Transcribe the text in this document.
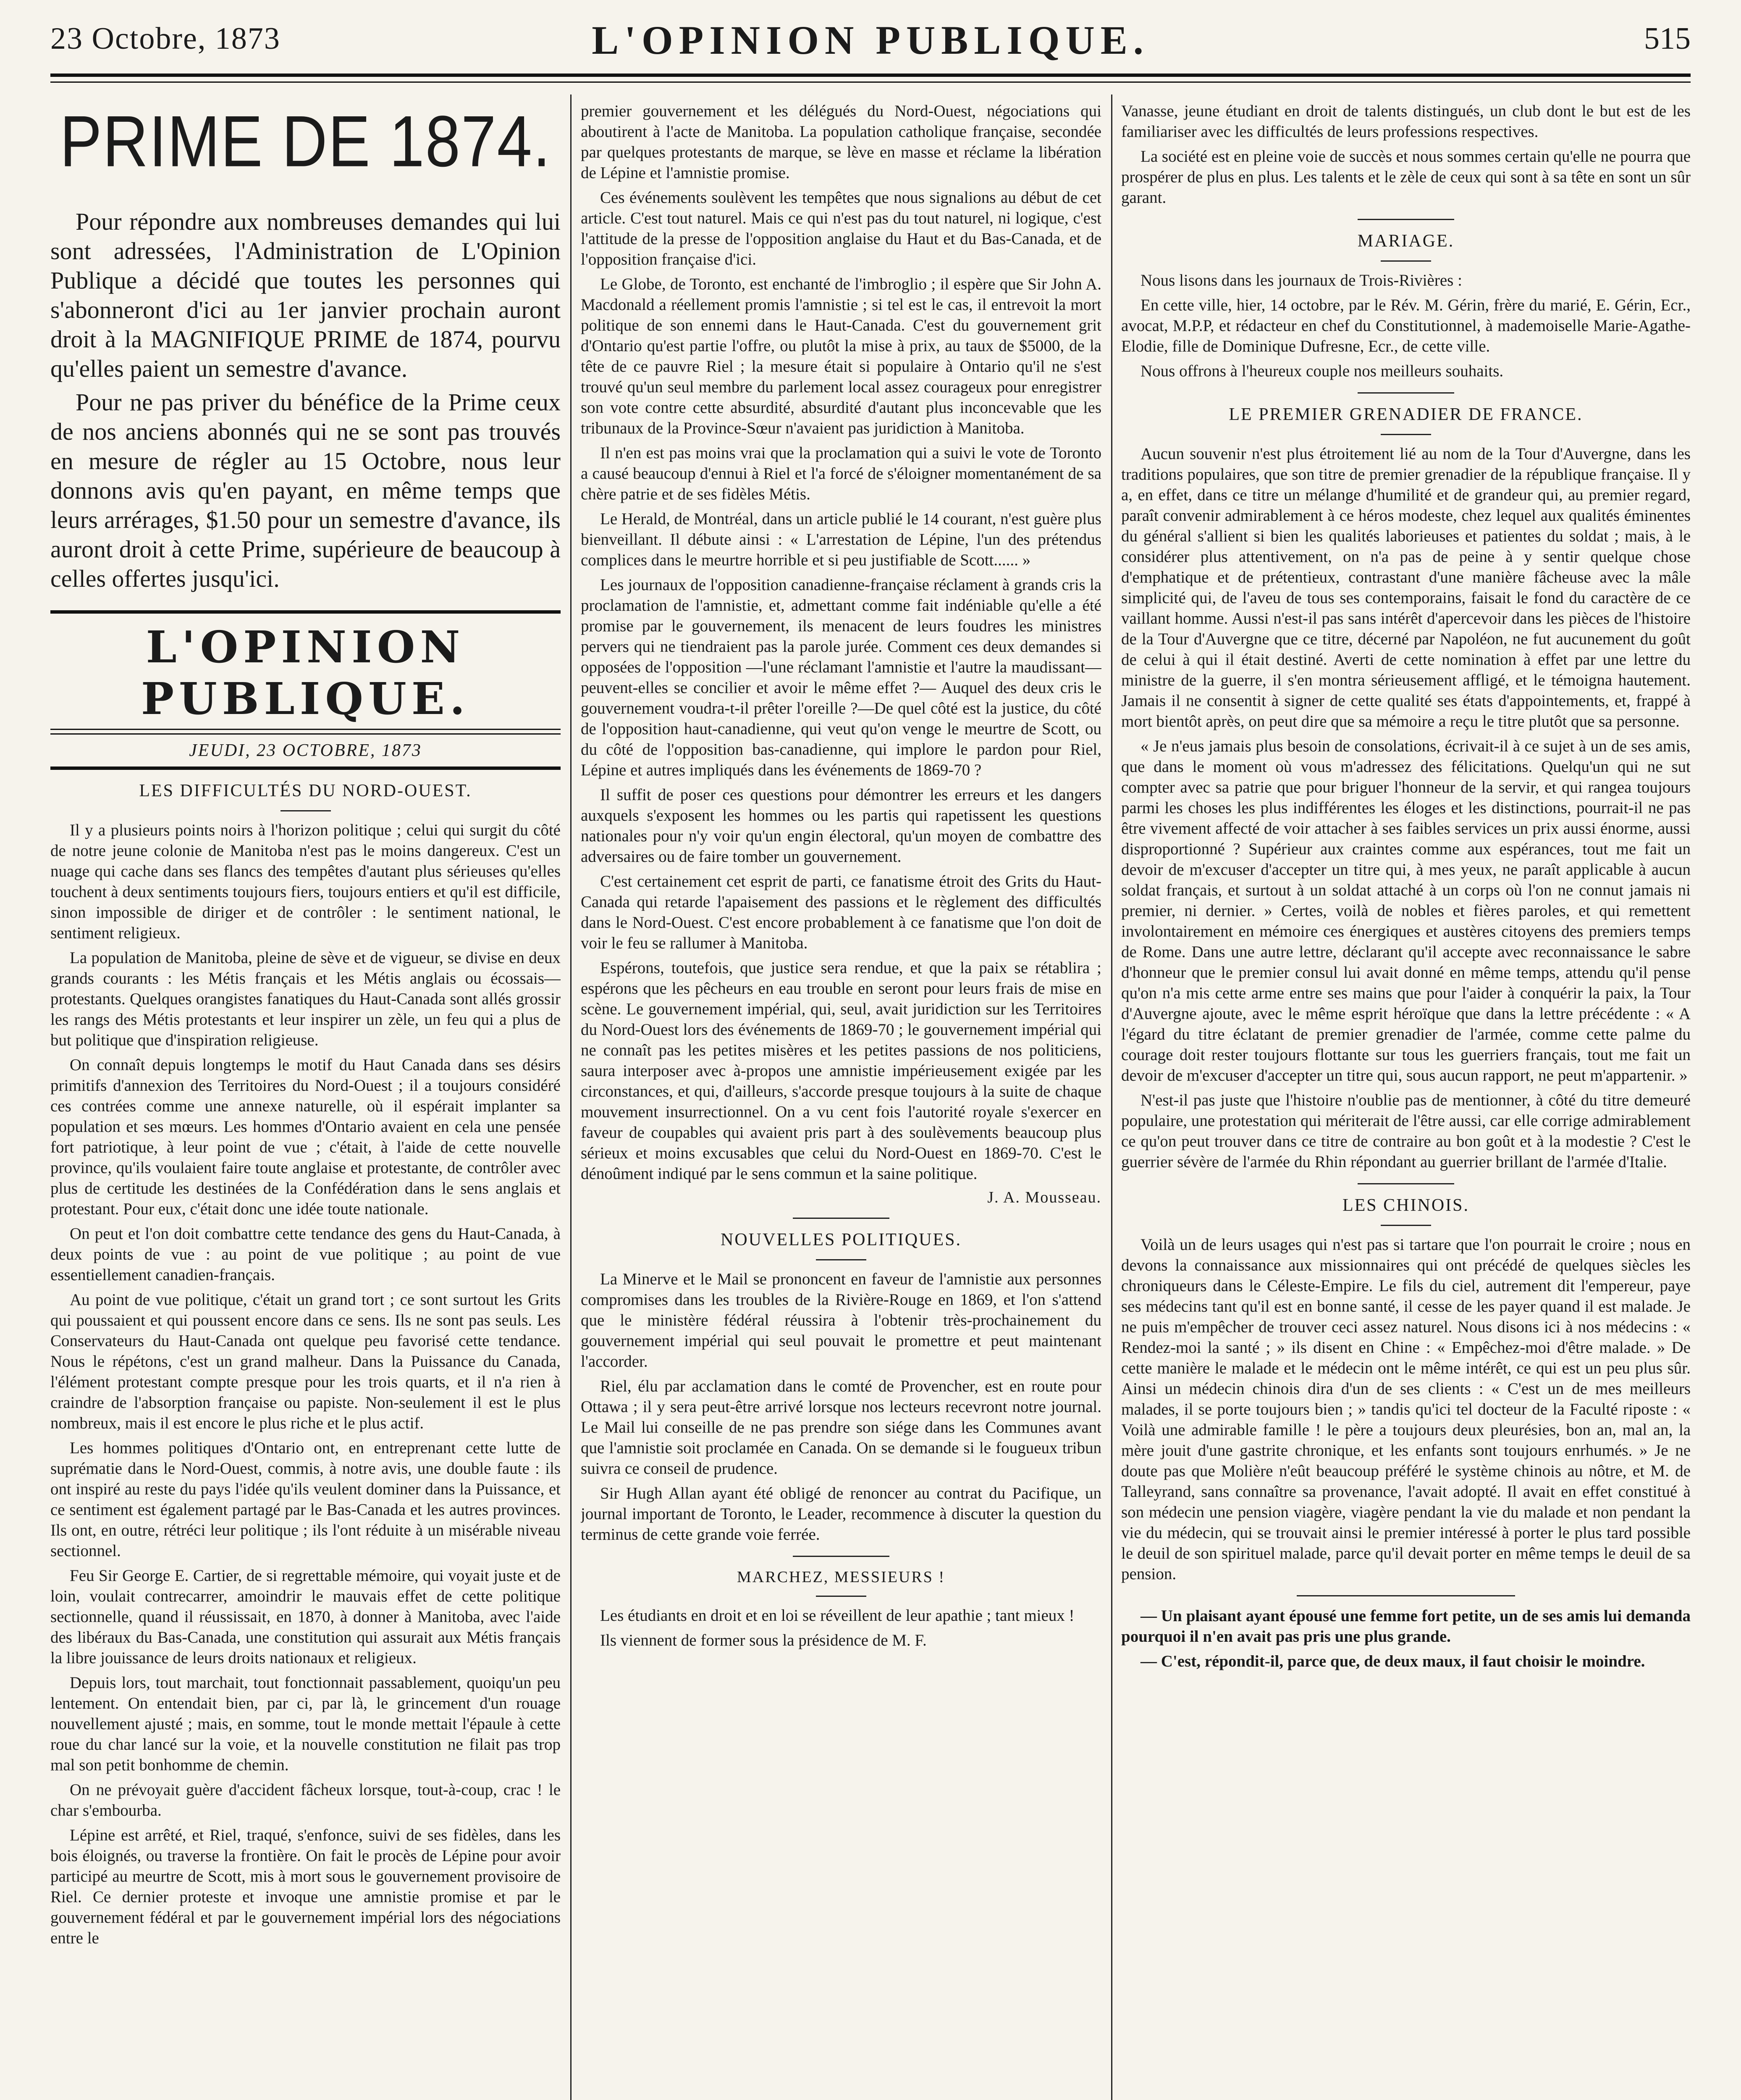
23 Octobre, 1873	L'OPINION PUBLIQUE.	515
PRIME DE 1874.

Pour répondre aux nombreuses demandes qui lui sont adressées, l'Administration de L'Opinion Publique a décidé que toutes les personnes qui s'abonneront d'ici au 1er janvier prochain auront droit à la MAGNIFIQUE PRIME de 1874, pourvu qu'elles paient un semestre d'avance.

Pour ne pas priver du bénéfice de la Prime ceux de nos anciens abonnés qui ne se sont pas trouvés en mesure de régler au 15 Octobre, nous leur donnons avis qu'en payant, en même temps que leurs arrérages, $1.50 pour un semestre d'avance, ils auront droit à cette Prime, supérieure de beaucoup à celles offertes jusqu'ici.

L'OPINION PUBLIQUE.
JEUDI, 23 OCTOBRE, 1873
LES DIFFICULTÉS DU NORD-OUEST.

Il y a plusieurs points noirs à l'horizon politique ; celui qui surgit du côté de notre jeune colonie de Manitoba n'est pas le moins dangereux. C'est un nuage qui cache dans ses flancs des tempêtes d'autant plus sérieuses qu'elles touchent à deux sentiments toujours fiers, toujours entiers et qu'il est difficile, sinon impossible de diriger et de contrôler : le sentiment national, le sentiment religieux.

La population de Manitoba, pleine de sève et de vigueur, se divise en deux grands courants : les Métis français et les Métis anglais ou écossais—protestants. Quelques orangistes fanatiques du Haut-Canada sont allés grossir les rangs des Métis protestants et leur inspirer un zèle, un feu qui a plus de but politique que d'inspiration religieuse.

On connaît depuis longtemps le motif du Haut Canada dans ses désirs primitifs d'annexion des Territoires du Nord-Ouest ; il a toujours considéré ces contrées comme une annexe naturelle, où il espérait implanter sa population et ses mœurs. Les hommes d'Ontario avaient en cela une pensée fort patriotique, à leur point de vue ; c'était, à l'aide de cette nouvelle province, qu'ils voulaient faire toute anglaise et protestante, de contrôler avec plus de certitude les destinées de la Confédération dans le sens anglais et protestant. Pour eux, c'était donc une idée toute nationale.

On peut et l'on doit combattre cette tendance des gens du Haut-Canada, à deux points de vue : au point de vue politique ; au point de vue essentiellement canadien-français.

Au point de vue politique, c'était un grand tort ; ce sont surtout les Grits qui poussaient et qui poussent encore dans ce sens. Ils ne sont pas seuls. Les Conservateurs du Haut-Canada ont quelque peu favorisé cette tendance. Nous le répétons, c'est un grand malheur. Dans la Puissance du Canada, l'élément protestant compte presque pour les trois quarts, et il n'a rien à craindre de l'absorption française ou papiste. Non-seulement il est le plus nombreux, mais il est encore le plus riche et le plus actif.

Les hommes politiques d'Ontario ont, en entreprenant cette lutte de suprématie dans le Nord-Ouest, commis, à notre avis, une double faute : ils ont inspiré au reste du pays l'idée qu'ils veulent dominer dans la Puissance, et ce sentiment est également partagé par le Bas-Canada et les autres provinces. Ils ont, en outre, rétréci leur politique ; ils l'ont réduite à un misérable niveau sectionnel.

Feu Sir George E. Cartier, de si regrettable mémoire, qui voyait juste et de loin, voulait contrecarrer, amoindrir le mauvais effet de cette politique sectionnelle, quand il réussissait, en 1870, à donner à Manitoba, avec l'aide des libéraux du Bas-Canada, une constitution qui assurait aux Métis français la libre jouissance de leurs droits nationaux et religieux.

Depuis lors, tout marchait, tout fonctionnait passablement, quoiqu'un peu lentement. On entendait bien, par ci, par là, le grincement d'un rouage nouvellement ajusté ; mais, en somme, tout le monde mettait l'épaule à cette roue du char lancé sur la voie, et la nouvelle constitution ne filait pas trop mal son petit bonhomme de chemin.

On ne prévoyait guère d'accident fâcheux lorsque, tout-à-coup, crac ! le char s'embourba.

Lépine est arrêté, et Riel, traqué, s'enfonce, suivi de ses fidèles, dans les bois éloignés, ou traverse la frontière. On fait le procès de Lépine pour avoir participé au meurtre de Scott, mis à mort sous le gouvernement provisoire de Riel. Ce dernier proteste et invoque une amnistie promise et par le gouvernement fédéral et par le gouvernement impérial lors des négociations entre le

premier gouvernement et les délégués du Nord-Ouest, négociations qui aboutirent à l'acte de Manitoba. La population catholique française, secondée par quelques protestants de marque, se lève en masse et réclame la libération de Lépine et l'amnistie promise.

Ces événements soulèvent les tempêtes que nous signalions au début de cet article. C'est tout naturel. Mais ce qui n'est pas du tout naturel, ni logique, c'est l'attitude de la presse de l'opposition anglaise du Haut et du Bas-Canada, et de l'opposition française d'ici.

Le Globe, de Toronto, est enchanté de l'imbroglio ; il espère que Sir John A. Macdonald a réellement promis l'amnistie ; si tel est le cas, il entrevoit la mort politique de son ennemi dans le Haut-Canada. C'est du gouvernement grit d'Ontario qu'est partie l'offre, ou plutôt la mise à prix, au taux de $5000, de la tête de ce pauvre Riel ; la mesure était si populaire à Ontario qu'il ne s'est trouvé qu'un seul membre du parlement local assez courageux pour enregistrer son vote contre cette absurdité, absurdité d'autant plus inconcevable que les tribunaux de la Province-Sœur n'avaient pas juridiction à Manitoba.

Il n'en est pas moins vrai que la proclamation qui a suivi le vote de Toronto a causé beaucoup d'ennui à Riel et l'a forcé de s'éloigner momentanément de sa chère patrie et de ses fidèles Métis.

Le Herald, de Montréal, dans un article publié le 14 courant, n'est guère plus bienveillant. Il débute ainsi : « L'arrestation de Lépine, l'un des prétendus complices dans le meurtre horrible et si peu justifiable de Scott...... »

Les journaux de l'opposition canadienne-française réclament à grands cris la proclamation de l'amnistie, et, admettant comme fait indéniable qu'elle a été promise par le gouvernement, ils menacent de leurs foudres les ministres pervers qui ne tiendraient pas la parole jurée. Comment ces deux demandes si opposées de l'opposition —l'une réclamant l'amnistie et l'autre la maudissant—peuvent-elles se concilier et avoir le même effet ?— Auquel des deux cris le gouvernement voudra-t-il prêter l'oreille ?—De quel côté est la justice, du côté de l'opposition haut-canadienne, qui veut qu'on venge le meurtre de Scott, ou du côté de l'opposition bas-canadienne, qui implore le pardon pour Riel, Lépine et autres impliqués dans les événements de 1869-70 ?

Il suffit de poser ces questions pour démontrer les erreurs et les dangers auxquels s'exposent les hommes ou les partis qui rapetissent les questions nationales pour n'y voir qu'un engin électoral, qu'un moyen de combattre des adversaires ou de faire tomber un gouvernement.

C'est certainement cet esprit de parti, ce fanatisme étroit des Grits du Haut-Canada qui retarde l'apaisement des passions et le règlement des difficultés dans le Nord-Ouest. C'est encore probablement à ce fanatisme que l'on doit de voir le feu se rallumer à Manitoba.

Espérons, toutefois, que justice sera rendue, et que la paix se rétablira ; espérons que les pêcheurs en eau trouble en seront pour leurs frais de mise en scène. Le gouvernement impérial, qui, seul, avait juridiction sur les Territoires du Nord-Ouest lors des événements de 1869-70 ; le gouvernement impérial qui ne connaît pas les petites misères et les petites passions de nos politiciens, saura interposer avec à-propos une amnistie impérieusement exigée par les circonstances, et qui, d'ailleurs, s'accorde presque toujours à la suite de chaque mouvement insurrectionnel. On a vu cent fois l'autorité royale s'exercer en faveur de coupables qui avaient pris part à des soulèvements beaucoup plus sérieux et moins excusables que celui du Nord-Ouest en 1869-70. C'est le dénoûment indiqué par le sens commun et la saine politique.

J. A. Mousseau.
NOUVELLES POLITIQUES.

La Minerve et le Mail se prononcent en faveur de l'amnistie aux personnes compromises dans les troubles de la Rivière-Rouge en 1869, et l'on s'attend que le ministère fédéral réussira à l'obtenir très-prochainement du gouvernement impérial qui seul pouvait le promettre et peut maintenant l'accorder.

Riel, élu par acclamation dans le comté de Provencher, est en route pour Ottawa ; il y sera peut-être arrivé lorsque nos lecteurs recevront notre journal. Le Mail lui conseille de ne pas prendre son siége dans les Communes avant que l'amnistie soit proclamée en Canada. On se demande si le fougueux tribun suivra ce conseil de prudence.

Sir Hugh Allan ayant été obligé de renoncer au contrat du Pacifique, un journal important de Toronto, le Leader, recommence à discuter la question du terminus de cette grande voie ferrée.

MARCHEZ, MESSIEURS !

Les étudiants en droit et en loi se réveillent de leur apathie ; tant mieux !

Ils viennent de former sous la présidence de M. F.

Vanasse, jeune étudiant en droit de talents distingués, un club dont le but est de les familiariser avec les difficultés de leurs professions respectives.

La société est en pleine voie de succès et nous sommes certain qu'elle ne pourra que prospérer de plus en plus. Les talents et le zèle de ceux qui sont à sa tête en sont un sûr garant.

MARIAGE.

Nous lisons dans les journaux de Trois-Rivières :

En cette ville, hier, 14 octobre, par le Rév. M. Gérin, frère du marié, E. Gérin, Ecr., avocat, M.P.P, et rédacteur en chef du Constitutionnel, à mademoiselle Marie-Agathe-Elodie, fille de Dominique Dufresne, Ecr., de cette ville.

Nous offrons à l'heureux couple nos meilleurs souhaits.

LE PREMIER GRENADIER DE FRANCE.

Aucun souvenir n'est plus étroitement lié au nom de la Tour d'Auvergne, dans les traditions populaires, que son titre de premier grenadier de la république française. Il y a, en effet, dans ce titre un mélange d'humilité et de grandeur qui, au premier regard, paraît convenir admirablement à ce héros modeste, chez lequel aux qualités éminentes du général s'allient si bien les qualités laborieuses et patientes du soldat ; mais, à le considérer plus attentivement, on n'a pas de peine à y sentir quelque chose d'emphatique et de prétentieux, contrastant d'une manière fâcheuse avec la mâle simplicité qui, de l'aveu de tous ses contemporains, faisait le fond du caractère de ce vaillant homme. Aussi n'est-il pas sans intérêt d'apercevoir dans les pièces de l'histoire de la Tour d'Auvergne que ce titre, décerné par Napoléon, ne fut aucunement du goût de celui à qui il était destiné. Averti de cette nomination à effet par une lettre du ministre de la guerre, il s'en montra sérieusement affligé, et le témoigna hautement. Jamais il ne consentit à signer de cette qualité ses états d'appointements, et, frappé à mort bientôt après, on peut dire que sa mémoire a reçu le titre plutôt que sa personne.

« Je n'eus jamais plus besoin de consolations, écrivait-il à ce sujet à un de ses amis, que dans le moment où vous m'adressez des félicitations. Quelqu'un qui ne sut compter avec sa patrie que pour briguer l'honneur de la servir, et qui rangea toujours parmi les choses les plus indifférentes les éloges et les distinctions, pourrait-il ne pas être vivement affecté de voir attacher à ses faibles services un prix aussi énorme, aussi disproportionné ? Supérieur aux craintes comme aux espérances, tout me fait un devoir de m'excuser d'accepter un titre qui, à mes yeux, ne paraît applicable à aucun soldat français, et surtout à un soldat attaché à un corps où l'on ne connut jamais ni premier, ni dernier. » Certes, voilà de nobles et fières paroles, et qui remettent involontairement en mémoire ces énergiques et austères citoyens des premiers temps de Rome. Dans une autre lettre, déclarant qu'il accepte avec reconnaissance le sabre d'honneur que le premier consul lui avait donné en même temps, attendu qu'il pense qu'on n'a mis cette arme entre ses mains que pour l'aider à conquérir la paix, la Tour d'Auvergne ajoute, avec le même esprit héroïque que dans la lettre précédente : « A l'égard du titre éclatant de premier grenadier de l'armée, comme cette palme du courage doit rester toujours flottante sur tous les guerriers français, tout me fait un devoir de m'excuser d'accepter un titre qui, sous aucun rapport, ne peut m'appartenir. »

N'est-il pas juste que l'histoire n'oublie pas de mentionner, à côté du titre demeuré populaire, une protestation qui mériterait de l'être aussi, car elle corrige admirablement ce qu'on peut trouver dans ce titre de contraire au bon goût et à la modestie ? C'est le guerrier sévère de l'armée du Rhin répondant au guerrier brillant de l'armée d'Italie.

LES CHINOIS.

Voilà un de leurs usages qui n'est pas si tartare que l'on pourrait le croire ; nous en devons la connaissance aux missionnaires qui ont précédé de quelques siècles les chroniqueurs dans le Céleste-Empire. Le fils du ciel, autrement dit l'empereur, paye ses médecins tant qu'il est en bonne santé, il cesse de les payer quand il est malade. Je ne puis m'empêcher de trouver ceci assez naturel. Nous disons ici à nos médecins : « Rendez-moi la santé ; » ils disent en Chine : « Empêchez-moi d'être malade. » De cette manière le malade et le médecin ont le même intérêt, ce qui est un peu plus sûr. Ainsi un médecin chinois dira d'un de ses clients : « C'est un de mes meilleurs malades, il se porte toujours bien ; » tandis qu'ici tel docteur de la Faculté riposte : « Voilà une admirable famille ! le père a toujours deux pleurésies, bon an, mal an, la mère jouit d'une gastrite chronique, et les enfants sont toujours enrhumés. » Je ne doute pas que Molière n'eût beaucoup préféré le système chinois au nôtre, et M. de Talleyrand, sans connaître sa provenance, l'avait adopté. Il avait en effet constitué à son médecin une pension viagère, viagère pendant la vie du malade et non pendant la vie du médecin, qui se trouvait ainsi le premier intéressé à porter le plus tard possible le deuil de son spirituel malade, parce qu'il devait porter en même temps le deuil de sa pension.

— Un plaisant ayant épousé une femme fort petite, un de ses amis lui demanda pourquoi il n'en avait pas pris une plus grande.

— C'est, répondit-il, parce que, de deux maux, il faut choisir le moindre.
